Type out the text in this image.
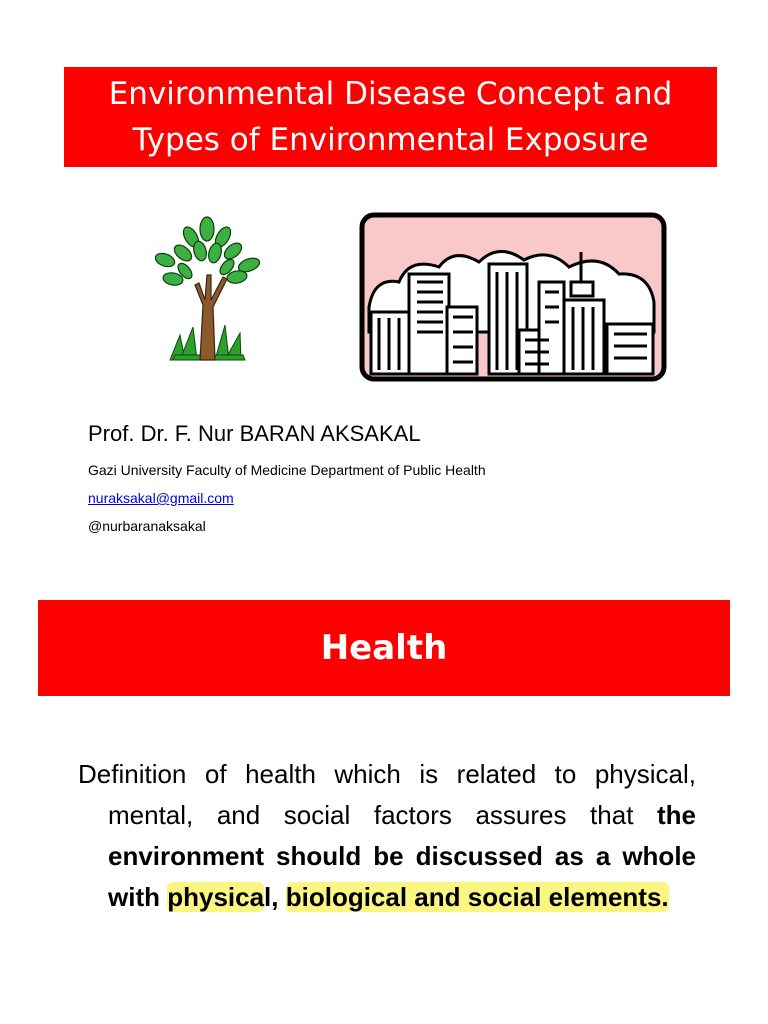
Environmental Disease Concept and
Types of Environmental Exposure
Prof. Dr. F. Nur BARAN AKSAKAL
Gazi University Faculty of Medicine Department of Public Health
nuraksakal@gmail.com
@nurbaranaksakal
Health

Definition of health which is related to physical, mental, and social factors assures that the environment should be discussed as a whole with physical, biological and social elements.
